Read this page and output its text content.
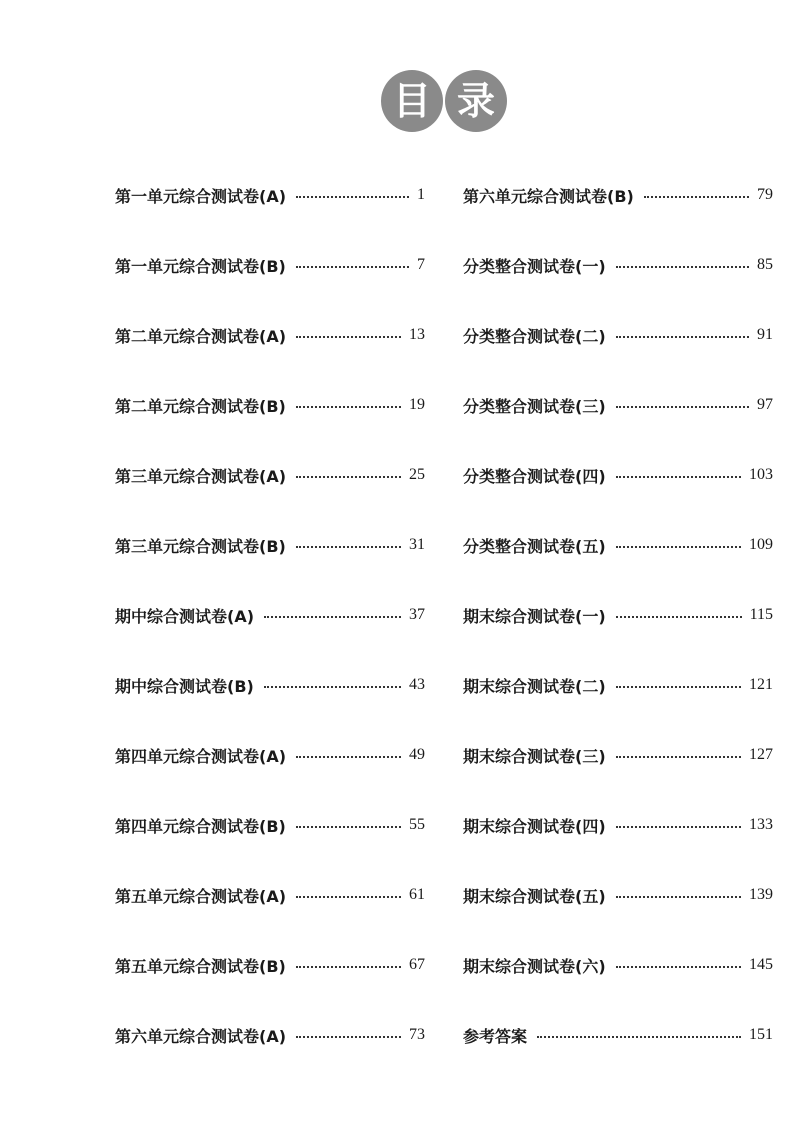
目 录
第一单元综合测试卷(A)	1
第一单元综合测试卷(B)	7
第二单元综合测试卷(A)	13
第二单元综合测试卷(B)	19
第三单元综合测试卷(A)	25
第三单元综合测试卷(B)	31
期中综合测试卷(A)	37
期中综合测试卷(B)	43
第四单元综合测试卷(A)	49
第四单元综合测试卷(B)	55
第五单元综合测试卷(A)	61
第五单元综合测试卷(B)	67
第六单元综合测试卷(A)	73
第六单元综合测试卷(B)	79
分类整合测试卷(一)	85
分类整合测试卷(二)	91
分类整合测试卷(三)	97
分类整合测试卷(四)	103
分类整合测试卷(五)	109
期末综合测试卷(一)	115
期末综合测试卷(二)	121
期末综合测试卷(三)	127
期末综合测试卷(四)	133
期末综合测试卷(五)	139
期末综合测试卷(六)	145
参考答案	151
